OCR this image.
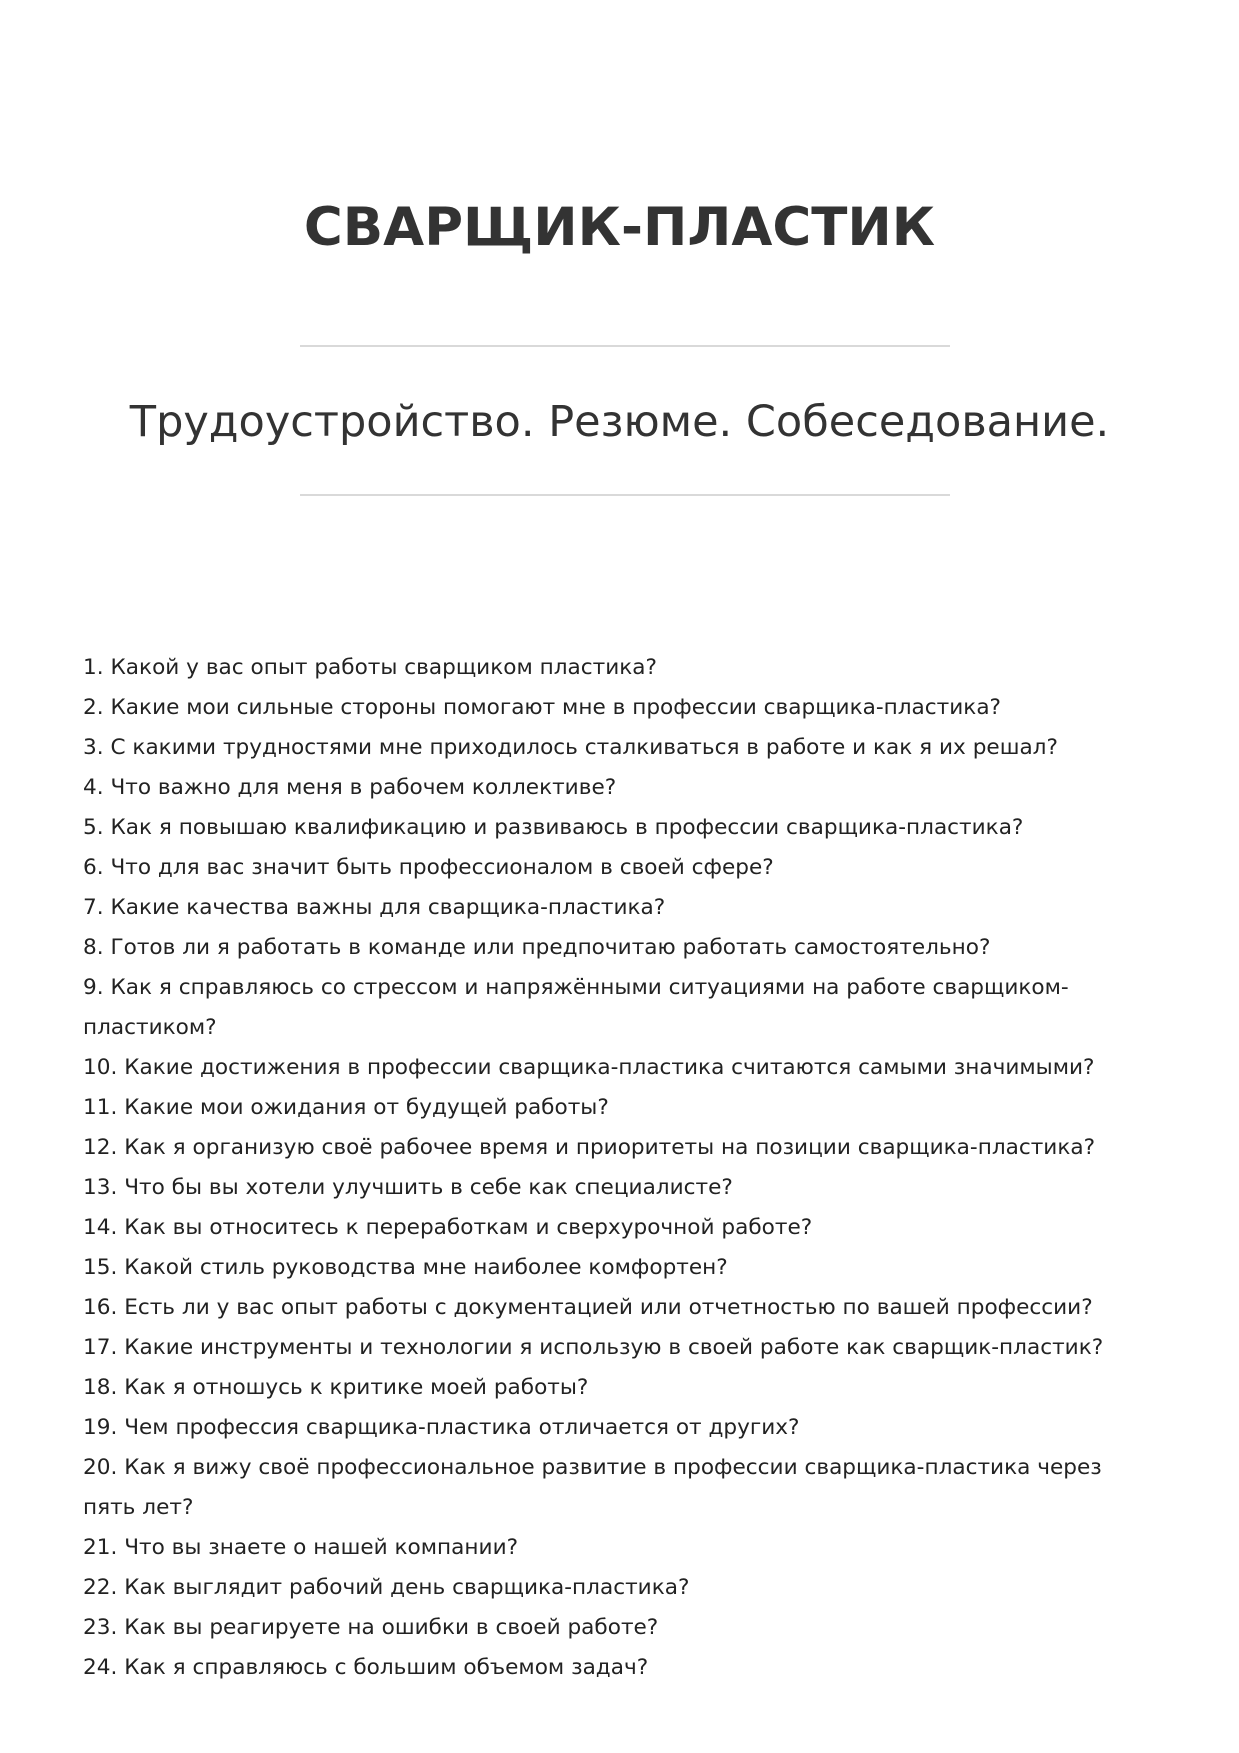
СВАРЩИК-ПЛАСТИК
Трудоустройство. Резюме. Собеседование.
1. Какой у вас опыт работы сварщиком пластика?
2. Какие мои сильные стороны помогают мне в профессии сварщика-пластика?
3. С какими трудностями мне приходилось сталкиваться в работе и как я их решал?
4. Что важно для меня в рабочем коллективе?
5. Как я повышаю квалификацию и развиваюсь в профессии сварщика-пластика?
6. Что для вас значит быть профессионалом в своей сфере?
7. Какие качества важны для сварщика-пластика?
8. Готов ли я работать в команде или предпочитаю работать самостоятельно?
9. Как я справляюсь со стрессом и напряжёнными ситуациями на работе сварщиком-пластиком?
10. Какие достижения в профессии сварщика-пластика считаются самыми значимыми?
11. Какие мои ожидания от будущей работы?
12. Как я организую своё рабочее время и приоритеты на позиции сварщика-пластика?
13. Что бы вы хотели улучшить в себе как специалисте?
14. Как вы относитесь к переработкам и сверхурочной работе?
15. Какой стиль руководства мне наиболее комфортен?
16. Есть ли у вас опыт работы с документацией или отчетностью по вашей профессии?
17. Какие инструменты и технологии я использую в своей работе как сварщик-пластик?
18. Как я отношусь к критике моей работы?
19. Чем профессия сварщика-пластика отличается от других?
20. Как я вижу своё профессиональное развитие в профессии сварщика-пластика через пять лет?
21. Что вы знаете о нашей компании?
22. Как выглядит рабочий день сварщика-пластика?
23. Как вы реагируете на ошибки в своей работе?
24. Как я справляюсь с большим объемом задач?
